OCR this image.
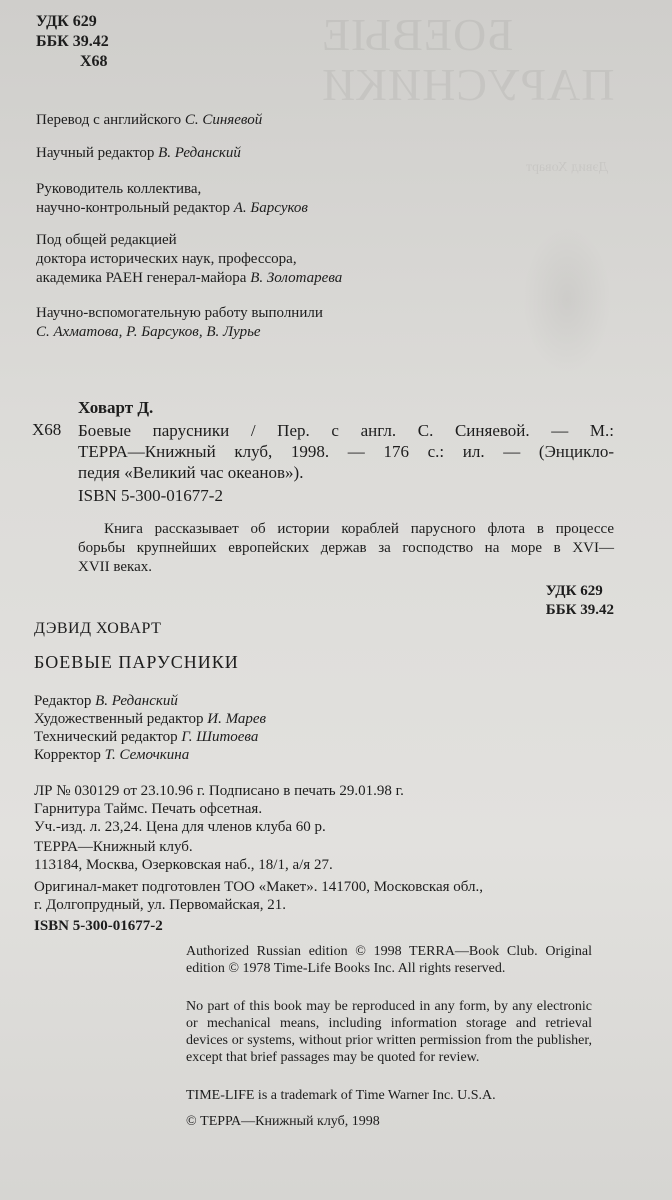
БОЕВЫЕ
ПАРУСНИКИ
Дэвид Ховарт
УДК 629
ББК 39.42
Х68
Перевод с английского С. Синяевой
Научный редактор В. Реданский
Руководитель коллектива,
научно-контрольный редактор А. Барсуков
Под общей редакцией
доктора исторических наук, профессора,
академика РАЕН генерал-майора В. Золотарева
Научно-вспомогательную работу выполнили
С. Ахматова, Р. Барсуков, В. Лурье
Ховарт Д.
Х68 Боевые парусники / Пер. с англ. С. Синяевой. — М.:
ТЕРРА—Книжный клуб, 1998. — 176 с.: ил. — (Энцикло-
педия «Великий час океанов»).
ISBN 5-300-01677-2
Книга рассказывает об истории кораблей парусного флота в процессе
борьбы крупнейших европейских держав за господство на море в XVI—
XVII веках.
УДК 629
ББК 39.42
ДЭВИД ХОВАРТ
БОЕВЫЕ ПАРУСНИКИ
Редактор В. Реданский
Художественный редактор И. Марев
Технический редактор Г. Шитоева
Корректор Т. Семочкина
ЛР № 030129 от 23.10.96 г. Подписано в печать 29.01.98 г.
Гарнитура Таймс. Печать офсетная.
Уч.-изд. л. 23,24. Цена для членов клуба 60 р.
ТЕРРА—Книжный клуб.
113184, Москва, Озерковская наб., 18/1, а/я 27.
Оригинал-макет подготовлен ТОО «Макет». 141700, Московская обл.,
г. Долгопрудный, ул. Первомайская, 21.
ISBN 5-300-01677-2
Authorized Russian edition © 1998 TERRA—Book Club. Original edition © 1978 Time-Life Books Inc. All rights reserved.
No part of this book may be reproduced in any form, by any electronic or mechanical means, including information storage and retrieval devices or systems, without prior written permission from the publisher, except that brief passages may be quoted for review.
TIME-LIFE is a trademark of Time Warner Inc. U.S.A.
© ТЕРРА—Книжный клуб, 1998
